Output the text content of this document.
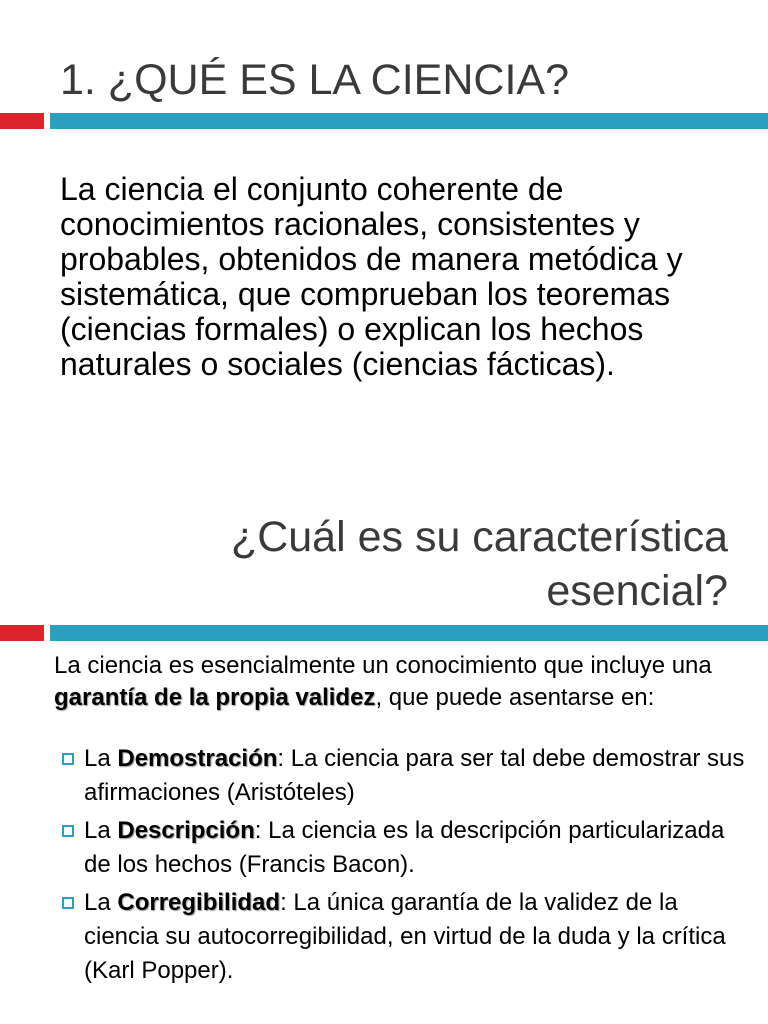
1. ¿QUÉ ES LA CIENCIA?

La ciencia el conjunto coherente de conocimientos racionales, consistentes y probables, obtenidos de manera metódica y sistemática, que comprueban los teoremas (ciencias formales) o explican los hechos naturales o sociales (ciencias fácticas).

¿Cuál es su característica esencial?

La ciencia es esencialmente un conocimiento que incluye una garantía de la propia validez, que puede asentarse en:

La Demostración: La ciencia para ser tal debe demostrar sus afirmaciones (Aristóteles)
La Descripción: La ciencia es la descripción particularizada de los hechos (Francis Bacon).
La Corregibilidad: La única garantía de la validez de la ciencia su autocorregibilidad, en virtud de la duda y la crítica (Karl Popper).
